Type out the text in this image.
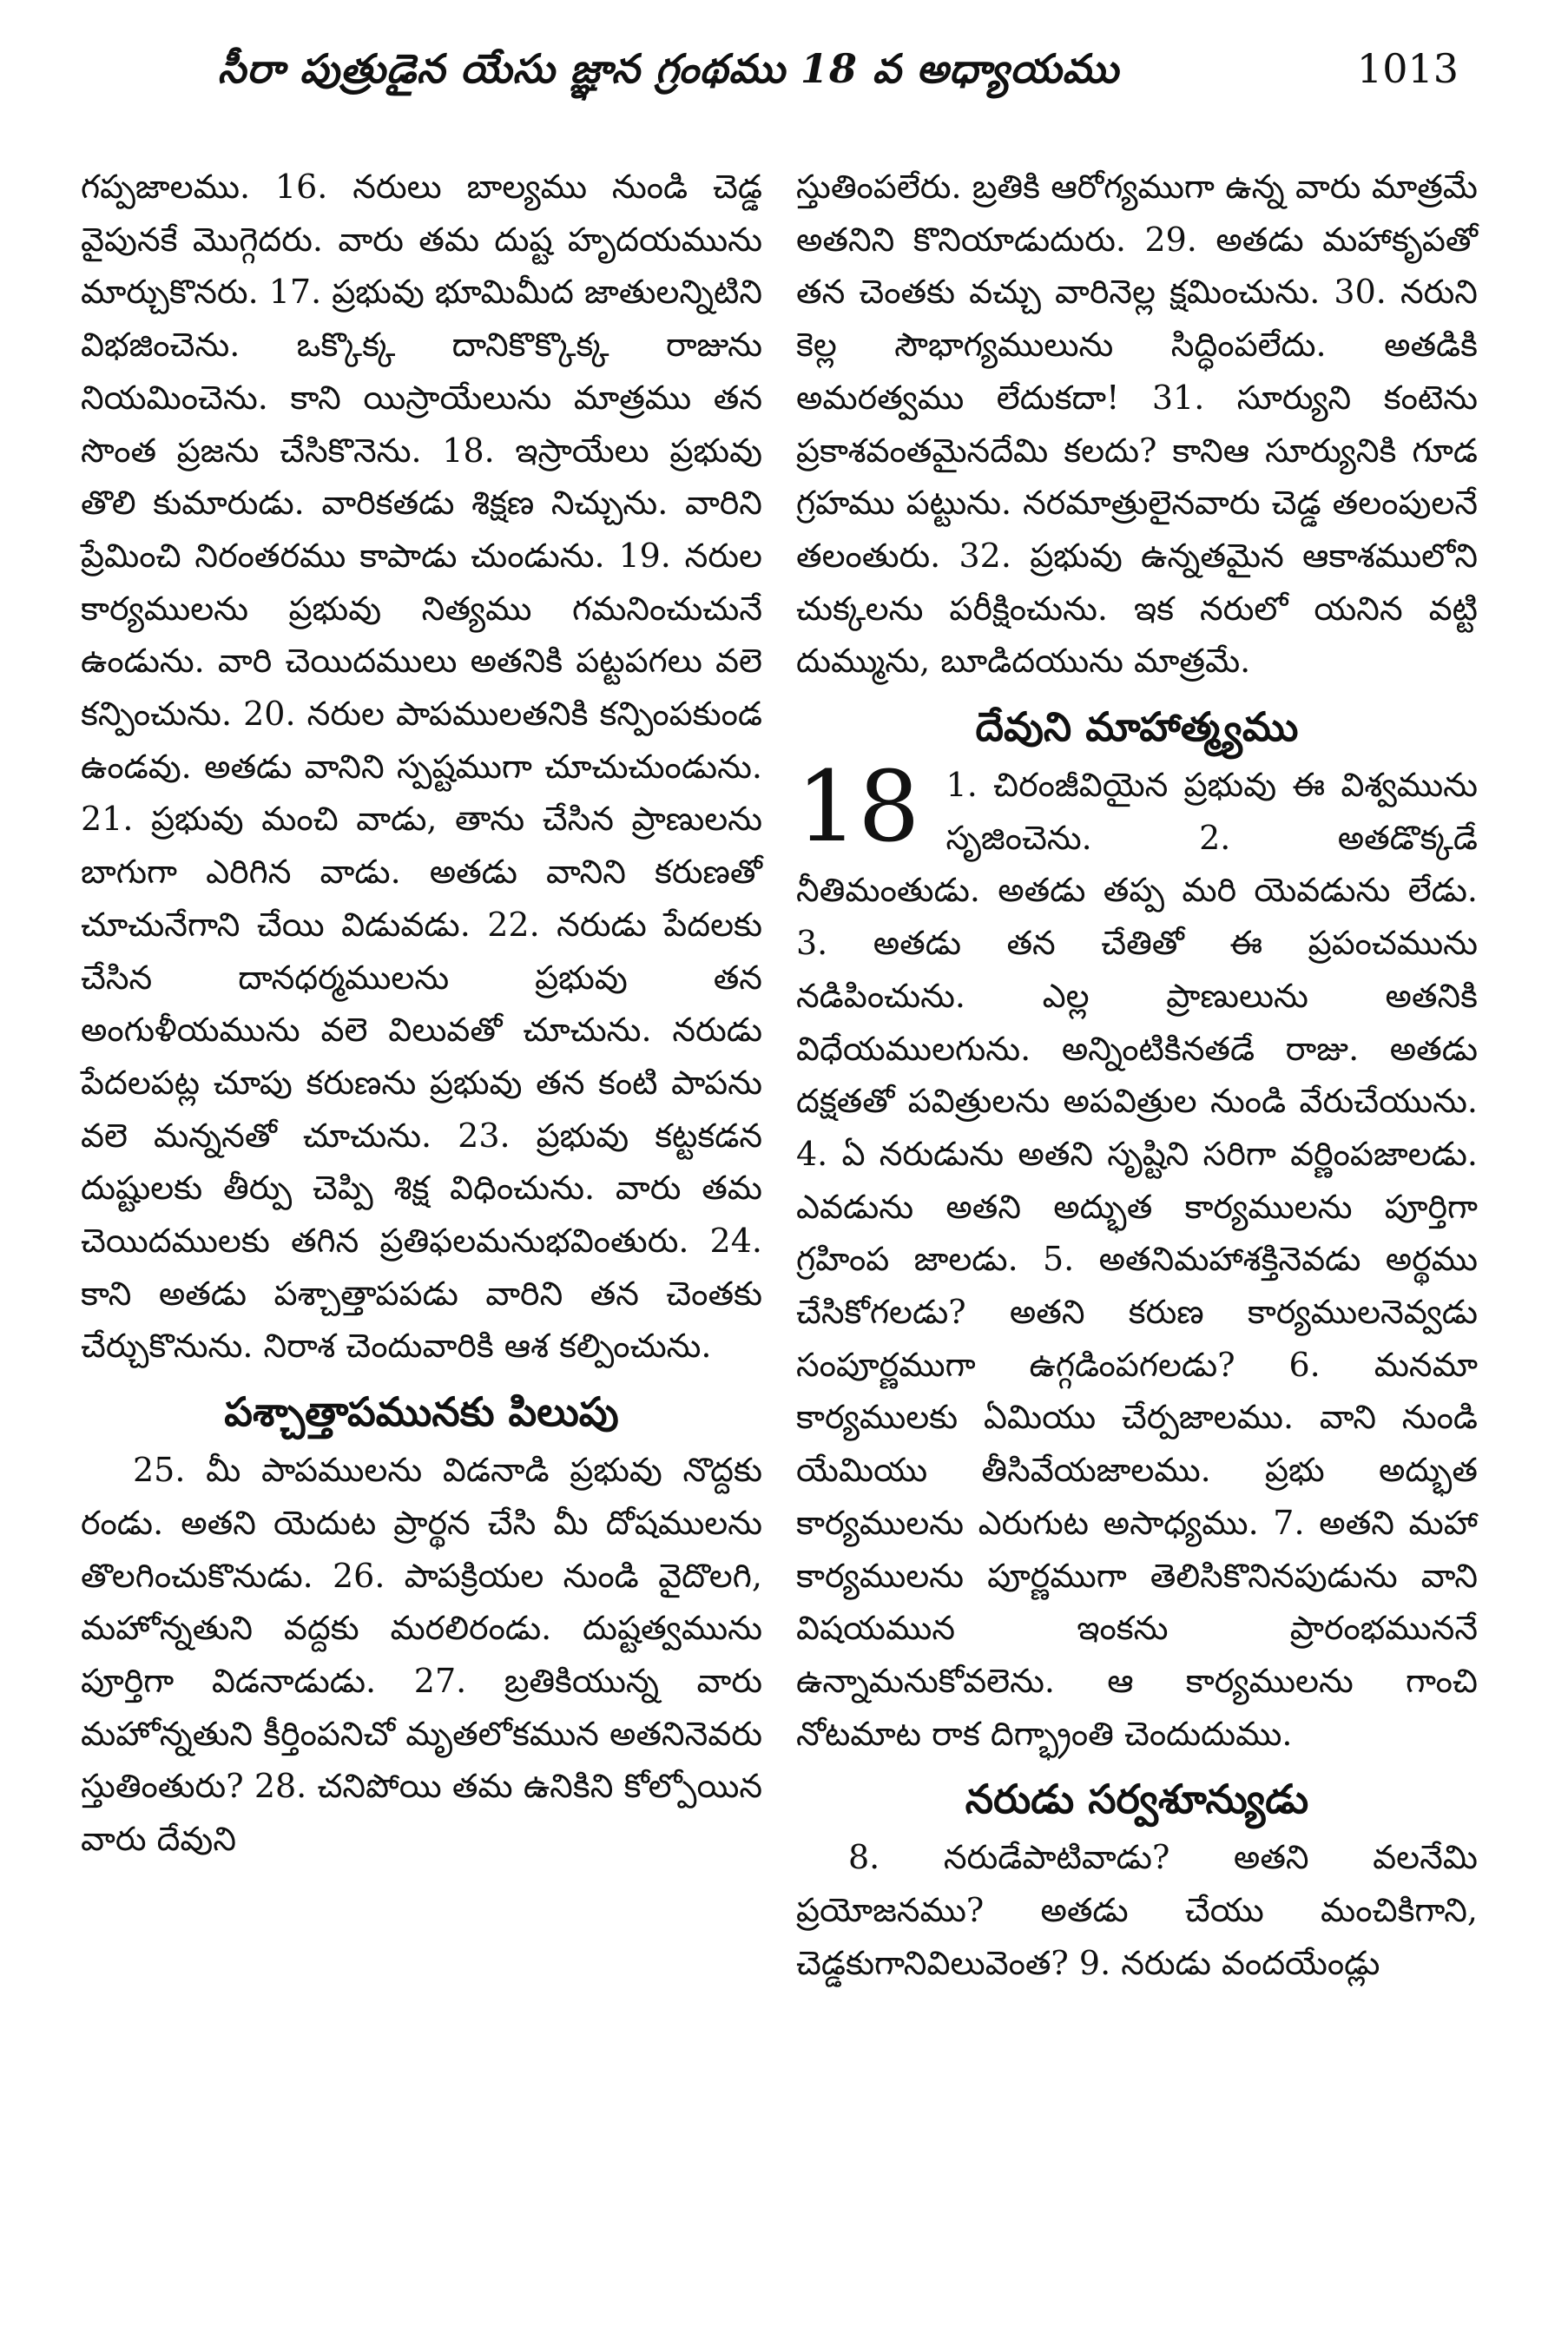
సీరా పుత్రుడైన యేసు జ్ఞాన గ్రంథము 18 వ అధ్యాయము	1013

గప్పజాలము. 16. నరులు బాల్యము నుండి చెడ్డ వైపునకే మొగ్గెదరు. వారు తమ దుష్ట హృదయమును మార్చుకొనరు. 17. ప్రభువు భూమిమీద జాతులన్నిటిని విభజించెను. ఒక్కొక్క దానికొక్కొక్క రాజును నియమించెను. కాని యిస్రాయేలును మాత్రము తన సొంత ప్రజను చేసికొనెను. 18. ఇస్రాయేలు ప్రభువు తొలి కుమారుడు. వారికతడు శిక్షణ నిచ్చును. వారిని ప్రేమించి నిరంతరము కాపాడు చుండును. 19. నరుల కార్యములను ప్రభువు నిత్యము గమనించుచునే ఉండును. వారి చెయిదములు అతనికి పట్టపగలు వలె కన్పించును. 20. నరుల పాపములతనికి కన్పింపకుండ ఉండవు. అతడు వానిని స్పష్టముగా చూచుచుండును. 21. ప్రభువు మంచి వాడు, తాను చేసిన ప్రాణులను బాగుగా ఎరిగిన వాడు. అతడు వానిని కరుణతో చూచునేగాని చేయి విడువడు. 22. నరుడు పేదలకు చేసిన దానధర్మములను ప్రభువు తన అంగుళీయమును వలె విలువతో చూచును. నరుడు పేదలపట్ల చూపు కరుణను ప్రభువు తన కంటి పాపను వలె మన్ననతో చూచును. 23. ప్రభువు కట్టకడన దుష్టులకు తీర్పు చెప్పి శిక్ష విధించును. వారు తమ చెయిదములకు తగిన ప్రతిఫలమనుభవింతురు. 24. కాని అతడు పశ్చాత్తాపపడు వారిని తన చెంతకు చేర్చుకొనును. నిరాశ చెందువారికి ఆశ కల్పించును.

పశ్చాత్తాపమునకు పిలుపు

25. మీ పాపములను విడనాడి ప్రభువు నొద్దకు రండు. అతని యెదుట ప్రార్థన చేసి మీ దోషములను తొలగించుకొనుడు. 26. పాపక్రియల నుండి వైదొలగి, మహోన్నతుని వద్దకు మరలిరండు. దుష్టత్వమును పూర్తిగా విడనాడుడు. 27. బ్రతికియున్న వారు మహోన్నతుని కీర్తింపనిచో మృతలోకమున అతనినెవరు స్తుతింతురు? 28. చనిపోయి తమ ఉనికిని కోల్పోయిన వారు దేవుని

స్తుతింపలేరు. బ్రతికి ఆరోగ్యముగా ఉన్న వారు మాత్రమే అతనిని కొనియాడుదురు. 29. అతడు మహాకృపతో తన చెంతకు వచ్చు వారినెల్ల క్షమించును. 30. నరుని కెల్ల సౌభాగ్యములును సిద్ధింపలేదు. అతడికి అమరత్వము లేదుకదా! 31. సూర్యుని కంటెను ప్రకాశవంతమైనదేమి కలదు? కానిఆ సూర్యునికి గూడ గ్రహము పట్టును. నరమాత్రులైనవారు చెడ్డ తలంపులనే తలంతురు. 32. ప్రభువు ఉన్నతమైన ఆకాశములోని చుక్కలను పరీక్షించును. ఇక నరులో యనిన వట్టి దుమ్మును, బూడిదయును మాత్రమే.

దేవుని మాహాత్మ్యము

18 1. చిరంజీవియైన ప్రభువు ఈ విశ్వమును సృజించెను. 2. అతడొక్కడే నీతిమంతుడు. అతడు తప్ప మరి యెవడును లేడు. 3. అతడు తన చేతితో ఈ ప్రపంచమును నడిపించును. ఎల్ల ప్రాణులును అతనికి విధేయములగును. అన్నింటికినతడే రాజు. అతడు దక్షతతో పవిత్రులను అపవిత్రుల నుండి వేరుచేయును. 4. ఏ నరుడును అతని సృష్టిని సరిగా వర్ణింపజాలడు. ఎవడును అతని అద్భుత కార్యములను పూర్తిగా గ్రహింప జాలడు. 5. అతనిమహాశక్తినెవడు అర్థము చేసికోగలడు? అతని కరుణ కార్యములనెవ్వడు సంపూర్ణముగా ఉగ్గడింపగలడు? 6. మనమా కార్యములకు ఏమియు చేర్పజాలము. వాని నుండి యేమియు తీసివేయజాలము. ప్రభు అద్భుత కార్యములను ఎరుగుట అసాధ్యము. 7. అతని మహా కార్యములను పూర్ణముగా తెలిసికొనినపుడును వాని విషయమున ఇంకను ప్రారంభముననే ఉన్నామనుకోవలెను. ఆ కార్యములను గాంచి నోటమాట రాక దిగ్భ్రాంతి చెందుదుము.

నరుడు సర్వశూన్యుడు

8. నరుడేపాటివాడు? అతని వలనేమి ప్రయోజనము? అతడు చేయు మంచికిగాని, చెడ్డకుగానివిలువెంత? 9. నరుడు వందయేండ్లు
